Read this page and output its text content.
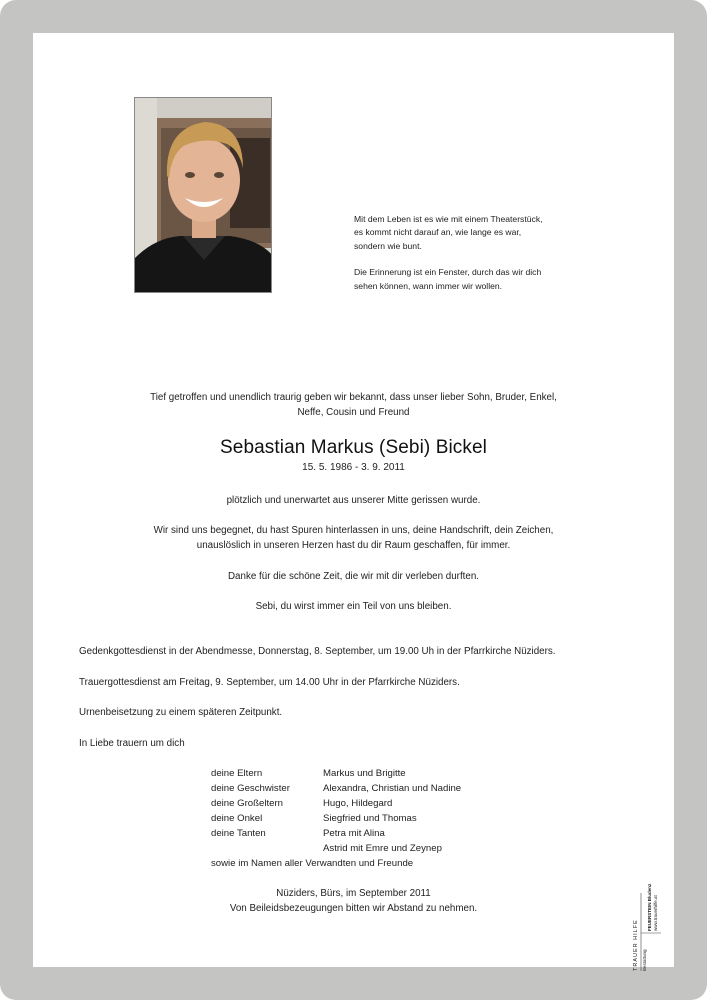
Mit dem Leben ist es wie mit einem Theaterstück,
es kommt nicht darauf an, wie lange es war,
sondern wie bunt.

Die Erinnerung ist ein Fenster, durch das wir dich
sehen können, wann immer wir wollen.

Tief getroffen und unendlich traurig geben wir bekannt, dass unser lieber Sohn, Bruder, Enkel,
Neffe, Cousin und Freund
Sebastian Markus (Sebi) Bickel
15. 5. 1986 - 3. 9. 2011
plötzlich und unerwartet aus unserer Mitte gerissen wurde.
Wir sind uns begegnet, du hast Spuren hinterlassen in uns, deine Handschrift, dein Zeichen,
unauslöslich in unseren Herzen hast du dir Raum geschaffen, für immer.
Danke für die schöne Zeit, die wir mit dir verleben durften.
Sebi, du wirst immer ein Teil von uns bleiben.
Gedenkgottesdienst in der Abendmesse, Donnerstag, 8. September, um 19.00 Uh in der Pfarrkirche Nüziders.
Trauergottesdienst am Freitag, 9. September, um 14.00 Uhr in der Pfarrkirche Nüziders.
Urnenbeisetzung zu einem späteren Zeitpunkt.
In Liebe trauern um dich
deine Eltern	Markus und Brigitte
deine Geschwister	Alexandra, Christian und Nadine
deine Großeltern	Hugo, Hildegard
deine Onkel	Siegfried und Thomas
deine Tanten	Petra mit Alina
Astrid mit Emre und Zeynep
sowie im Namen aller Verwandten und Freunde
Nüziders, Bürs, im September 2011
Von Beileidsbezeugungen bitten wir Abstand zu nehmen.
TRAUER HILFE Bestattung
FEUERSTEIN Bludenz www.trauerhilfe.at
